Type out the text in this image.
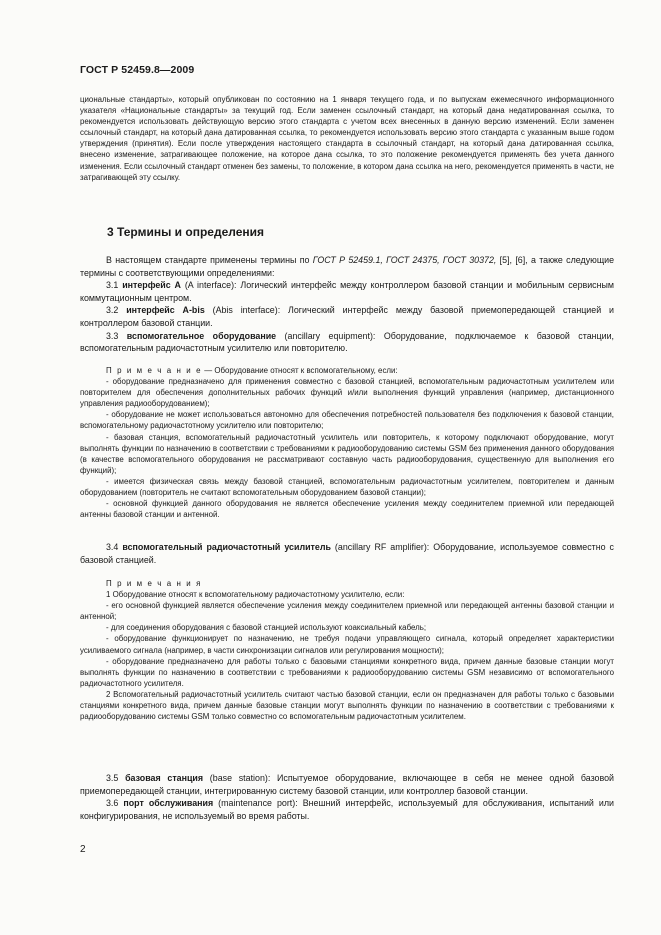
ГОСТ Р 52459.8—2009

циональные стандарты», который опубликован по состоянию на 1 января текущего года, и по выпускам ежемесячного информационного указателя «Национальные стандарты» за текущий год. Если заменен ссылочный стандарт, на который дана недатированная ссылка, то рекомендуется использовать действующую версию этого стандарта с учетом всех внесенных в данную версию изменений. Если заменен ссылочный стандарт, на который дана датированная ссылка, то рекомендуется использовать версию этого стандарта с указанным выше годом утверждения (принятия). Если после утверждения настоящего стандарта в ссылочный стандарт, на который дана датированная ссылка, внесено изменение, затрагивающее положение, на которое дана ссылка, то это положение рекомендуется применять без учета данного изменения. Если ссылочный стандарт отменен без замены, то положение, в котором дана ссылка на него, рекомендуется применять в части, не затрагивающей эту ссылку.

3 Термины и определения

В настоящем стандарте применены термины по ГОСТ Р 52459.1, ГОСТ 24375, ГОСТ 30372, [5], [6], а также следующие термины с соответствующими определениями:

3.1 интерфейс А (A interface): Логический интерфейс между контроллером базовой станции и мобильным сервисным коммутационным центром.

3.2 интерфейс A-bis (Abis interface): Логический интерфейс между базовой приемопередающей станцией и контроллером базовой станции.

3.3 вспомогательное оборудование (ancillary equipment): Оборудование, подключаемое к базовой станции, вспомогательным радиочастотным усилителю или повторителю.

П р и м е ч а н и е — Оборудование относят к вспомогательному, если:

- оборудование предназначено для применения совместно с базовой станцией, вспомогательным радиочастотным усилителем или повторителем для обеспечения дополнительных рабочих функций и/или выполнения функций управления (например, дистанционного управления радиооборудованием);

- оборудование не может использоваться автономно для обеспечения потребностей пользователя без подключения к базовой станции, вспомогательному радиочастотному усилителю или повторителю;

- базовая станция, вспомогательный радиочастотный усилитель или повторитель, к которому подключают оборудование, могут выполнять функции по назначению в соответствии с требованиями к радиооборудованию системы GSM без применения данного оборудования (в качестве вспомогательного оборудования не рассматривают составную часть радиооборудования, существенную для выполнения его функций);

- имеется физическая связь между базовой станцией, вспомогательным радиочастотным усилителем, повторителем и данным оборудованием (повторитель не считают вспомогательным оборудованием базовой станции);

- основной функцией данного оборудования не является обеспечение усиления между соединителем приемной или передающей антенны базовой станции и антенной.

3.4 вспомогательный радиочастотный усилитель (ancillary RF amplifier): Оборудование, используемое совместно с базовой станцией.

П р и м е ч а н и я

1 Оборудование относят к вспомогательному радиочастотному усилителю, если:

- его основной функцией является обеспечение усиления между соединителем приемной или передающей антенны базовой станции и антенной;

- для соединения оборудования с базовой станцией используют коаксиальный кабель;

- оборудование функционирует по назначению, не требуя подачи управляющего сигнала, который определяет характеристики усиливаемого сигнала (например, в части синхронизации сигналов или регулирования мощности);

- оборудование предназначено для работы только с базовыми станциями конкретного вида, причем данные базовые станции могут выполнять функции по назначению в соответствии с требованиями к радиооборудованию системы GSM независимо от вспомогательного радиочастотного усилителя.

2 Вспомогательный радиочастотный усилитель считают частью базовой станции, если он предназначен для работы только с базовыми станциями конкретного вида, причем данные базовые станции могут выполнять функции по назначению в соответствии с требованиями к радиооборудованию системы GSM только совместно со вспомогательным радиочастотным усилителем.

3.5 базовая станция (base station): Испытуемое оборудование, включающее в себя не менее одной базовой приемопередающей станции, интегрированную систему базовой станции, или контроллер базовой станции.

3.6 порт обслуживания (maintenance port): Внешний интерфейс, используемый для обслуживания, испытаний или конфигурирования, не используемый во время работы.

2
